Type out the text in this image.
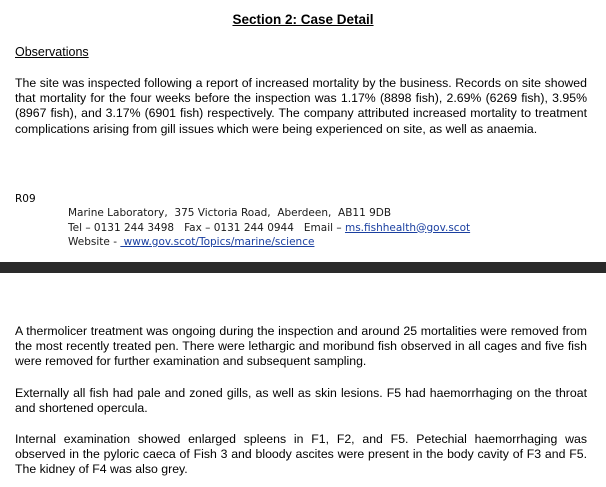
Section 2: Case Detail
Observations
The site was inspected following a report of increased mortality by the business. Records on site showed that mortality for the four weeks before the inspection was 1.17% (8898 fish), 2.69% (6269 fish), 3.95% (8967 fish), and 3.17% (6901 fish) respectively. The company attributed increased mortality to treatment complications arising from gill issues which were being experienced on site, as well as anaemia.
R09
Marine Laboratory,  375 Victoria Road,  Aberdeen,  AB11 9DB
Tel – 0131 244 3498   Fax – 0131 244 0944   Email – ms.fishhealth@gov.scot
Website -  www.gov.scot/Topics/marine/science
A thermolicer treatment was ongoing during the inspection and around 25 mortalities were removed from the most recently treated pen. There were lethargic and moribund fish observed in all cages and five fish were removed for further examination and subsequent sampling.
Externally all fish had pale and zoned gills, as well as skin lesions. F5 had haemorrhaging on the throat and shortened opercula.
Internal examination showed enlarged spleens in F1, F2, and F5. Petechial haemorrhaging was observed in the pyloric caeca of Fish 3 and bloody ascites were present in the body cavity of F3 and F5. The kidney of F4 was also grey.
